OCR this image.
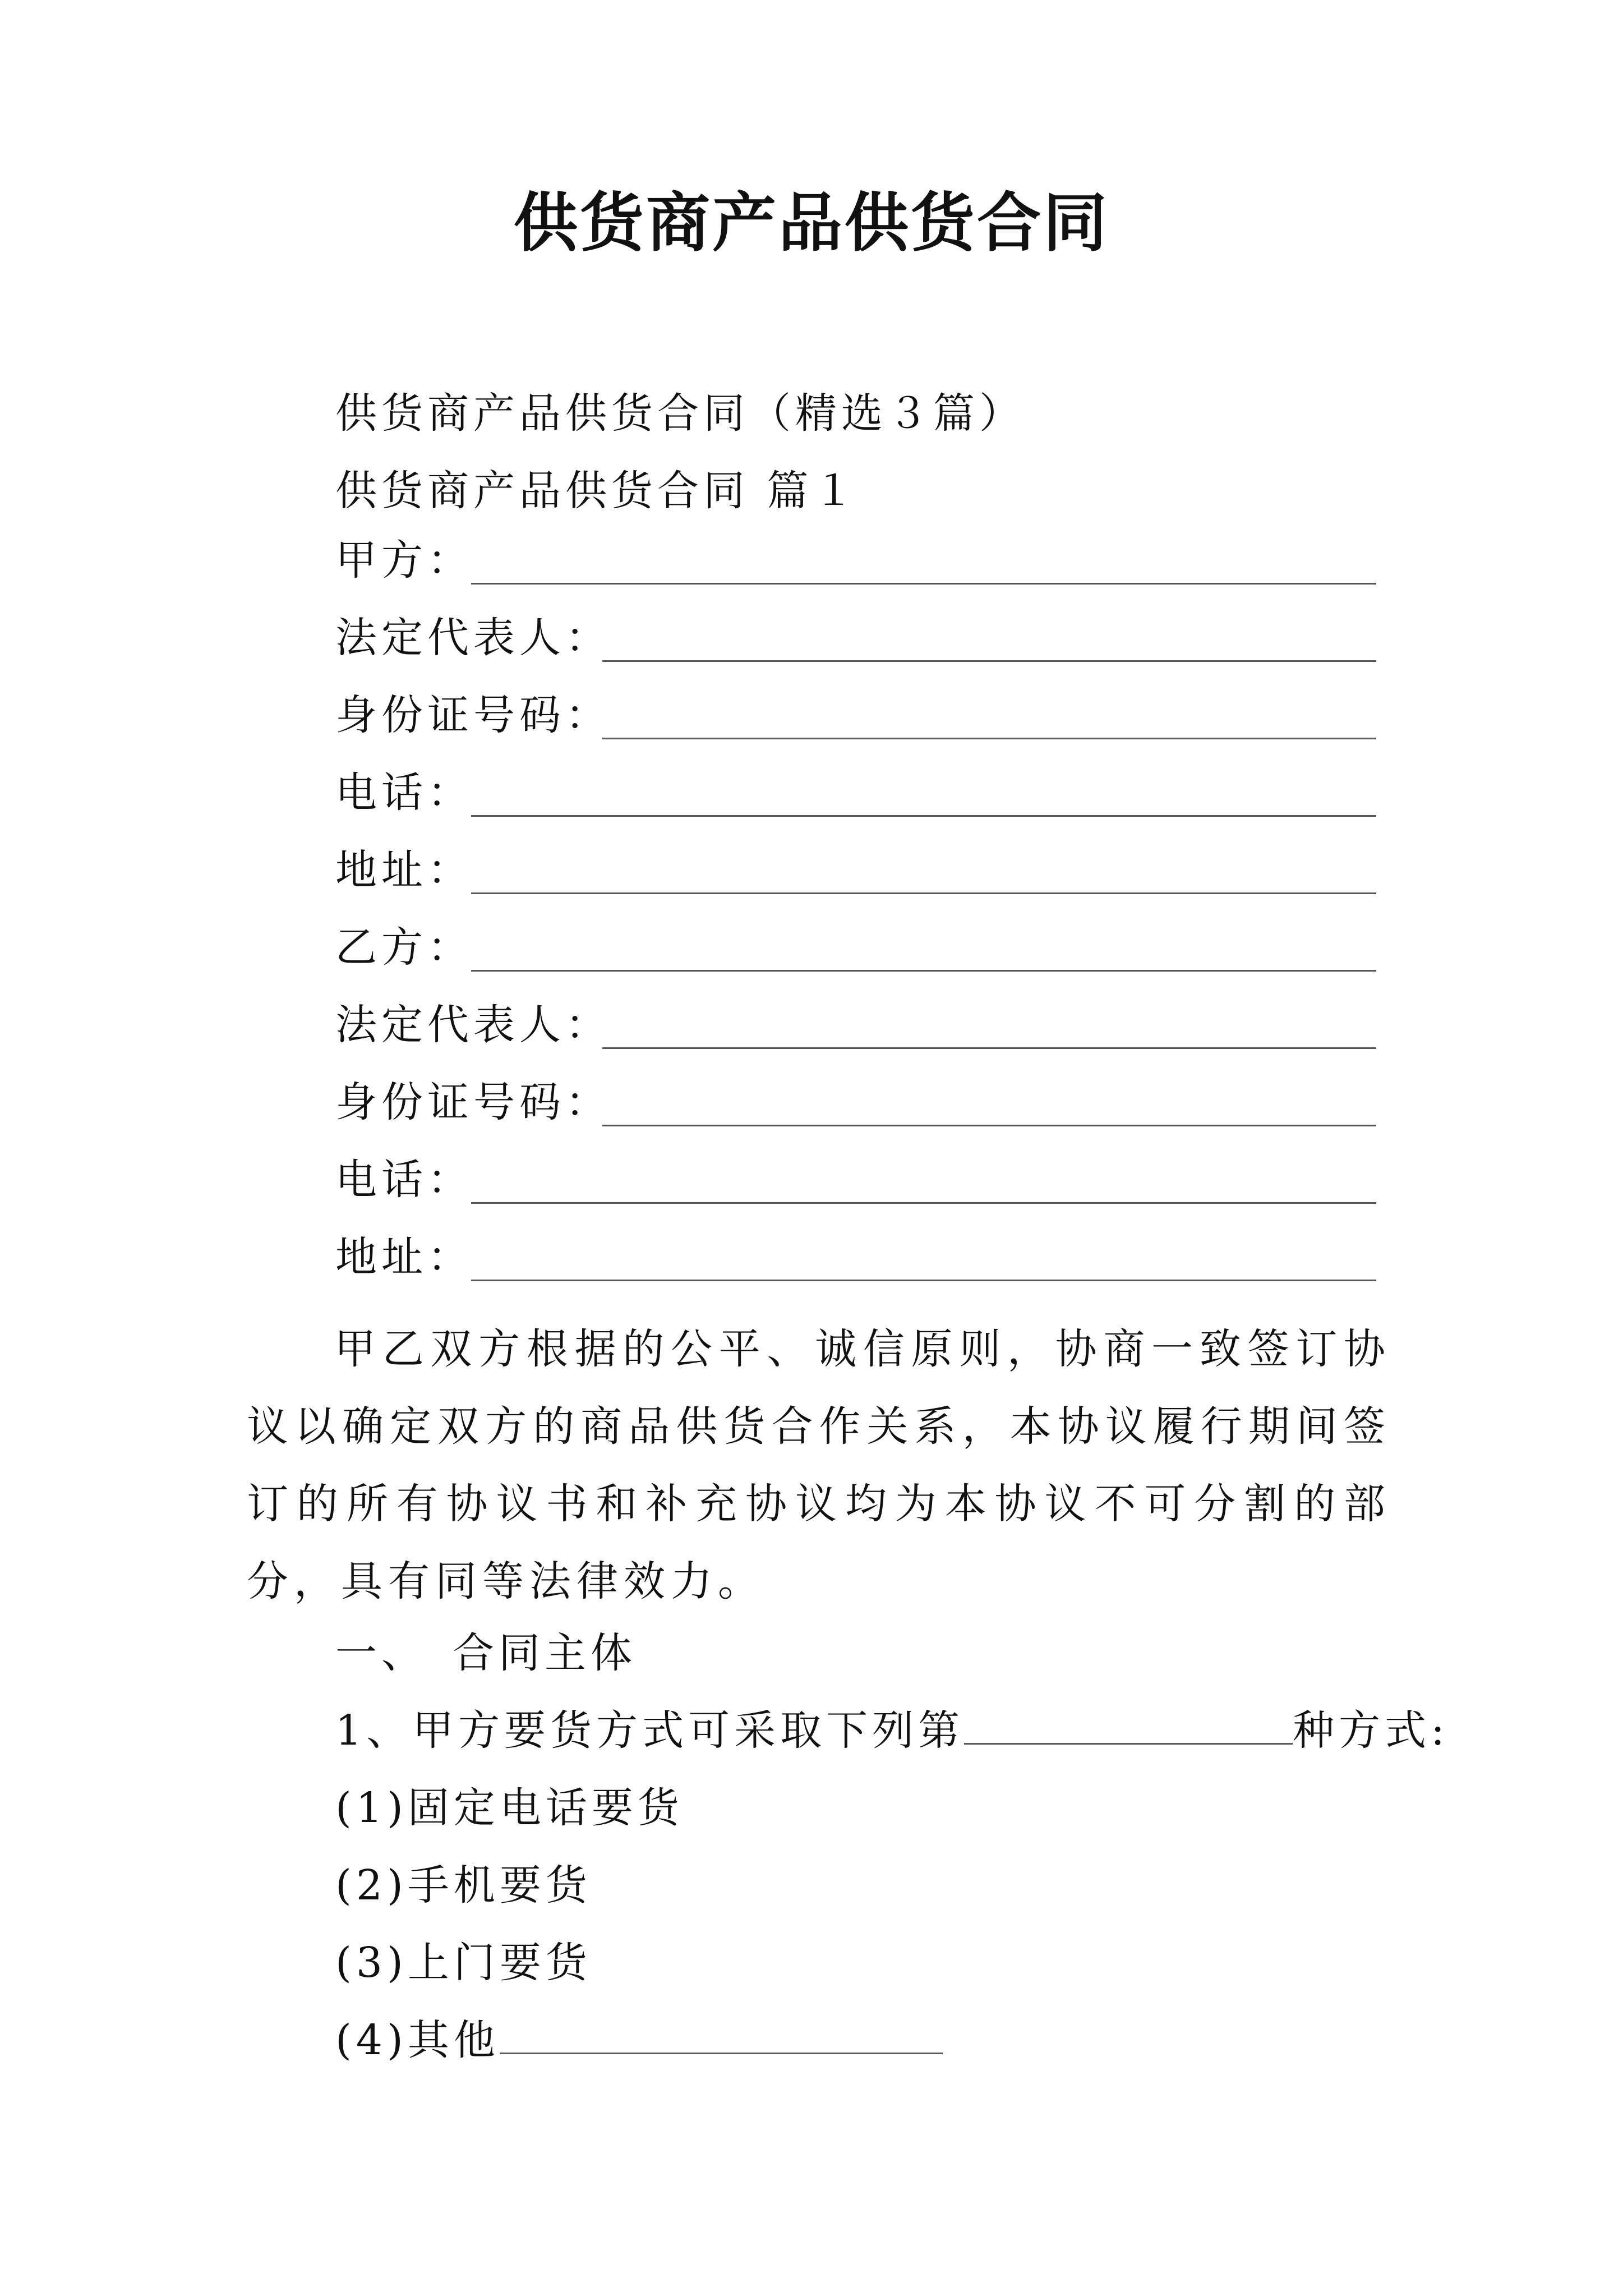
供货商产品供货合同
供货商产品供货合同（精选３篇）
供货商产品供货合同 篇１
甲方：
法定代表人：
身份证号码：
电话：
地址：
乙方：
法定代表人：
身份证号码：
电话：
地址：
甲乙双方根据的公平、诚信原则，协商一致签订协议以确定双方的商品供货合作关系，本协议履行期间签订的所有协议书和补充协议均为本协议不可分割的部分，具有同等法律效力。
一、　合同主体
1、甲方要货方式可采取下列第	种方式:
(1)固定电话要货
(2)手机要货
(3)上门要货
(4)其他
